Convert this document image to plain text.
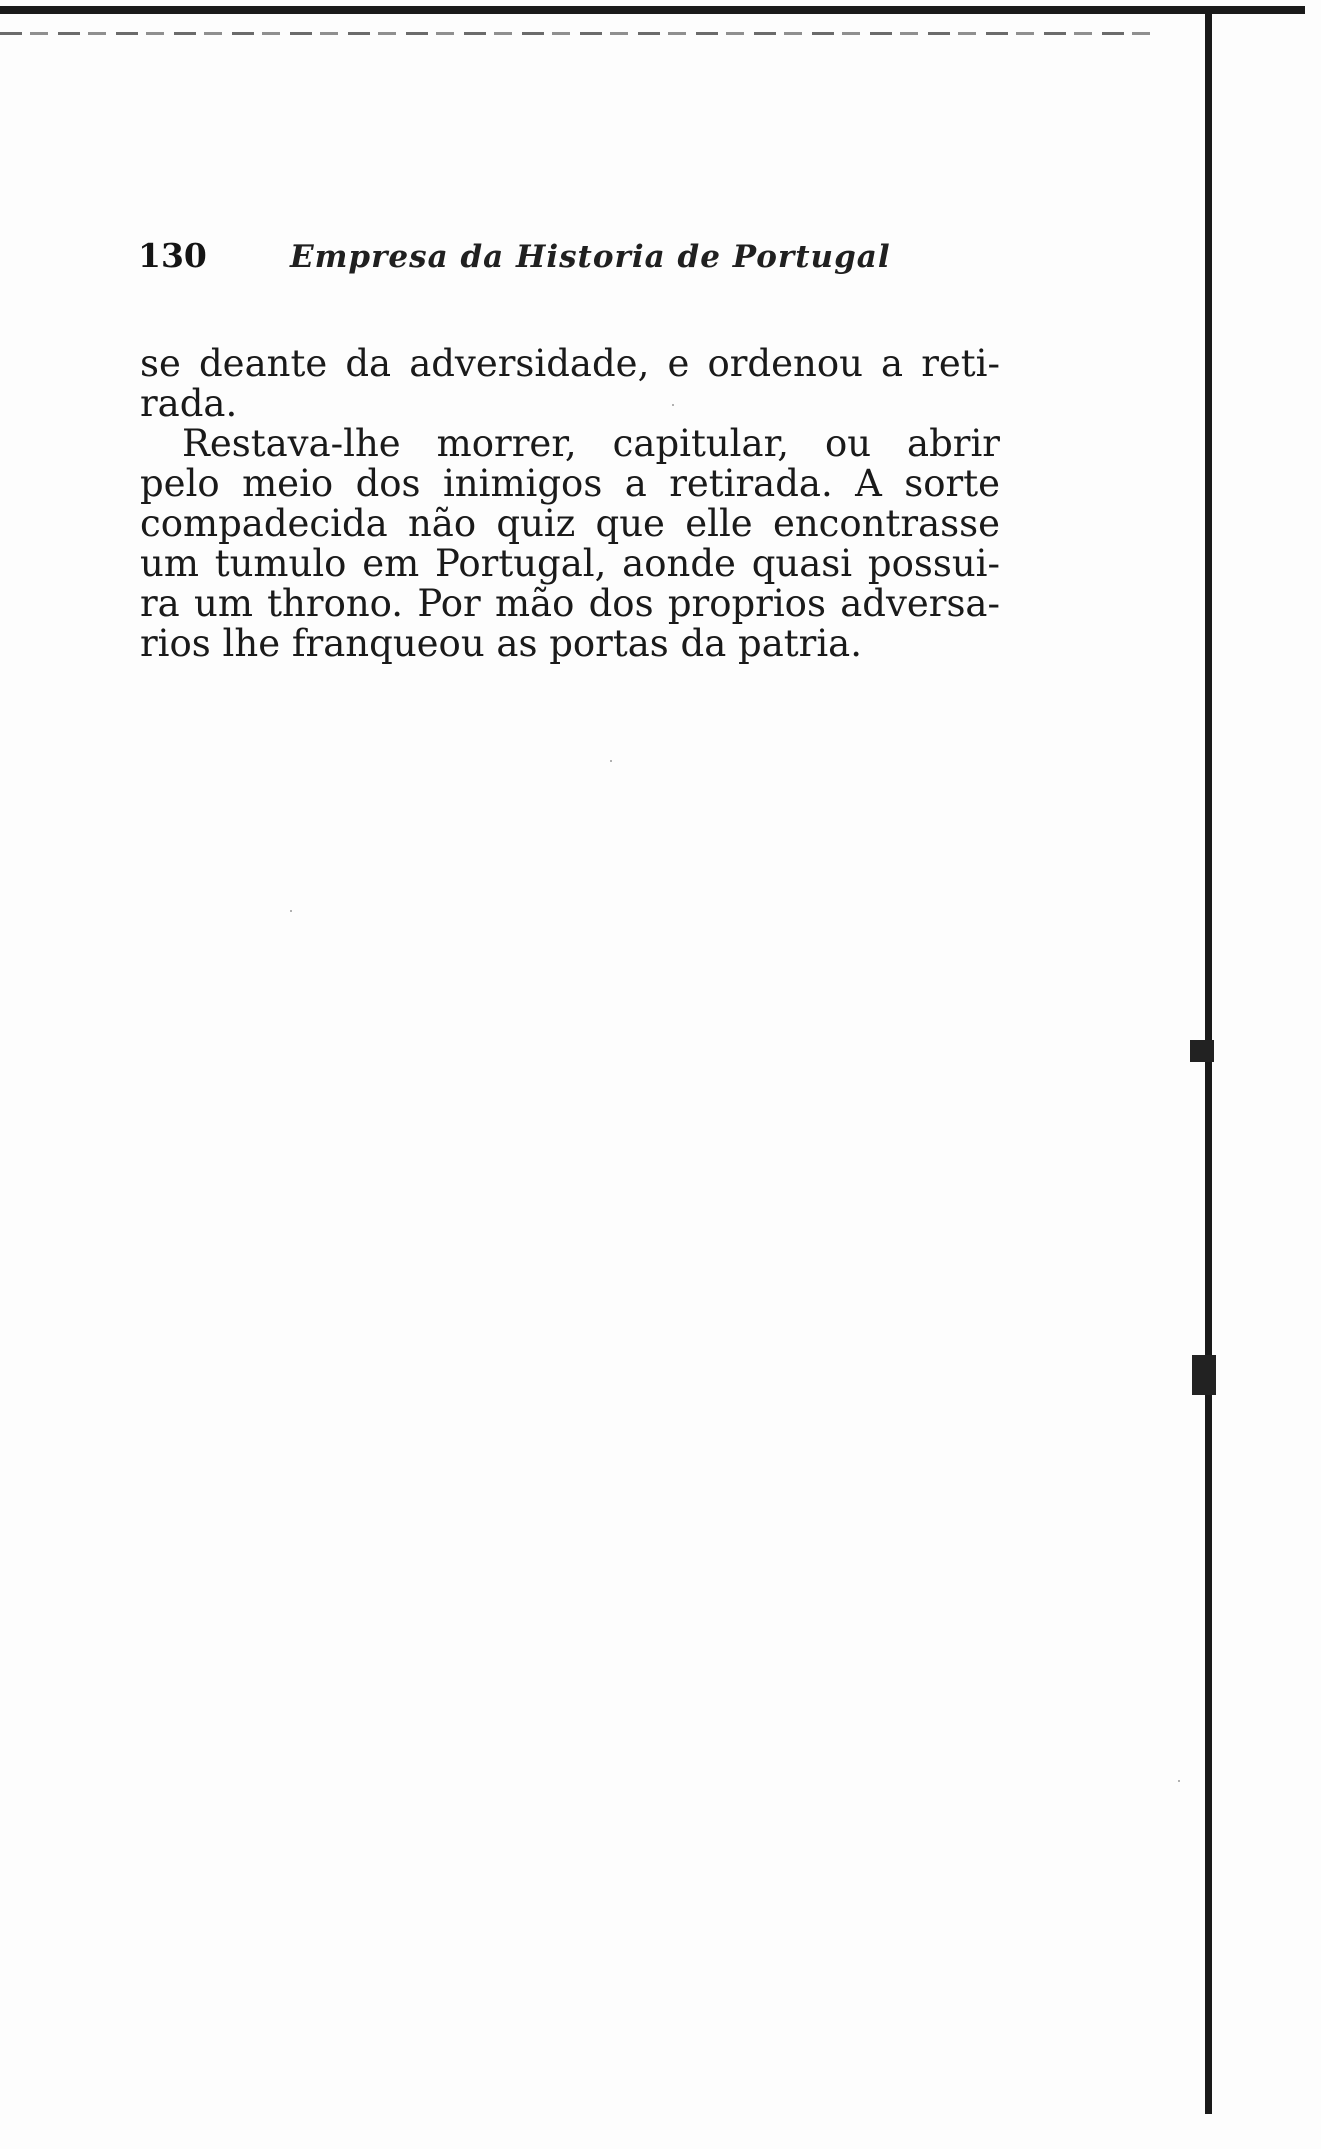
130	Empresa da Historia de Portugal
se deante da adversidade, e ordenou a reti-
rada.
Restava-lhe morrer, capitular, ou abrir
pelo meio dos inimigos a retirada. A sorte
compadecida não quiz que elle encontrasse
um tumulo em Portugal, aonde quasi possui-
ra um throno. Por mão dos proprios adversa-
rios lhe franqueou as portas da patria.
